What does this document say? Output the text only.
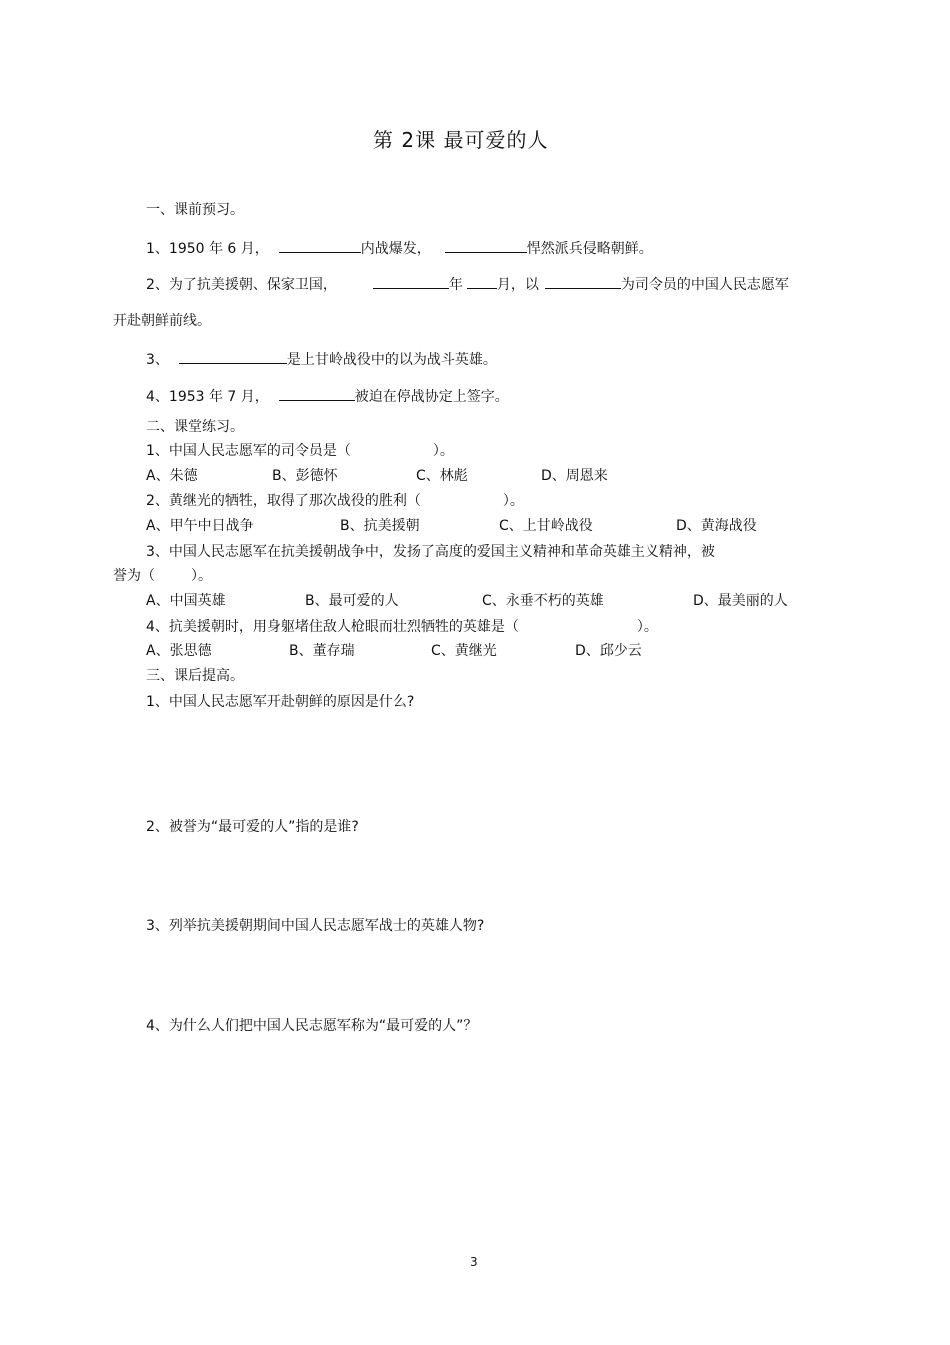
第 2课 最可爱的人
一、课前预习。
1、1950 年 6 月，	内战爆发，	悍然派兵侵略朝鲜。
2、为了抗美援朝、保家卫国，	年 月，以	为司令员的中国人民志愿军
开赴朝鲜前线。
3、	是上甘岭战役中的以为战斗英雄。
4、1953 年 7 月，	被迫在停战协定上签字。
二、课堂练习。
1、中国人民志愿军的司令员是（	）。
A、朱德	B、彭德怀	C、林彪	D、周恩来
2、黄继光的牺牲，取得了那次战役的胜利（	）。
A、甲午中日战争	B、抗美援朝	C、上甘岭战役	D、黄海战役
3、中国人民志愿军在抗美援朝战争中，发扬了高度的爱国主义精神和革命英雄主义精神，被
誉为（	）。
A、中国英雄	B、最可爱的人	C、永垂不朽的英雄	D、最美丽的人
4、抗美援朝时，用身躯堵住敌人枪眼而壮烈牺牲的英雄是（	）。
A、张思德	B、董存瑞	C、黄继光	D、邱少云
三、课后提高。
1、中国人民志愿军开赴朝鲜的原因是什么?
2、被誉为“最可爱的人”指的是谁?
3、列举抗美援朝期间中国人民志愿军战士的英雄人物?
4、为什么人们把中国人民志愿军称为“最可爱的人”？
3
